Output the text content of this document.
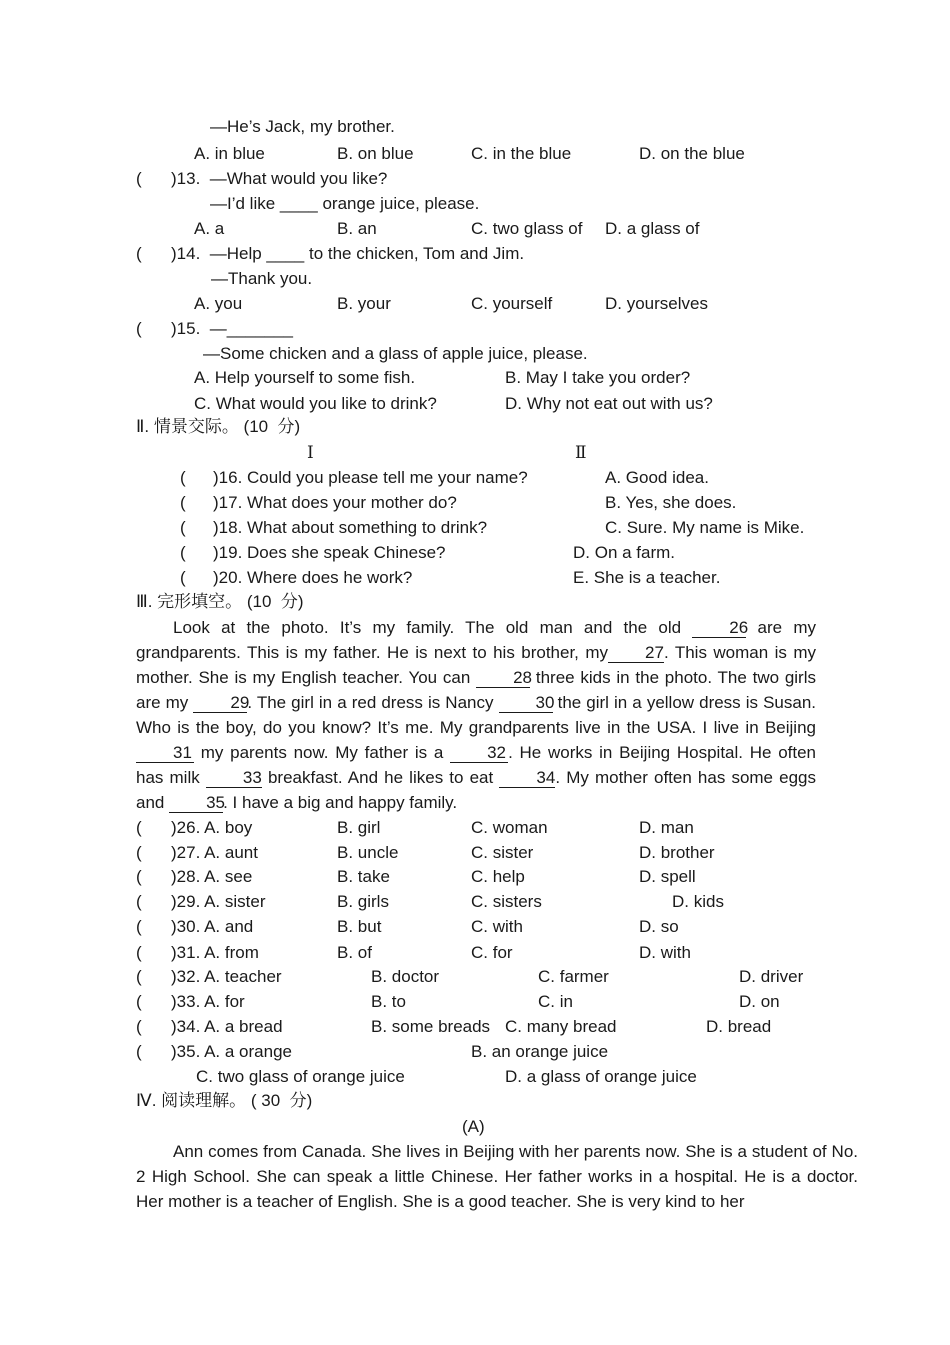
—He’s Jack, my brother.
A. in blue	B. on blue	C. in the blue	D. on the blue
( )13.  —What would you like?
—I’d like ____ orange juice, please.
A. a	B. an	C. two glass of D. a glass of
( )14.  —Help ____ to the chicken, Tom and Jim.
—Thank you.
A. you	B. your	C. yourself	D. yourselves
( )15.  —_______
—Some chicken and a glass of apple juice, please.
A. Help yourself to some fish.	B. May I take you order?
C. What would you like to drink?	D. Why not eat out with us?
Ⅱ. 情景交际。 (10  分)
Ⅰ	Ⅱ
( )16. Could you please tell me your name?	A. Good idea.
( )17. What does your mother do?	B. Yes, she does.
( )18. What about something to drink?	C. Sure. My name is Mike.
( )19. Does she speak Chinese?	D. On a farm.
( )20. Where does he work?	E. She is a teacher.
Ⅲ. 完形填空。 (10  分)
Look at the photo. It’s my family. The old man and the old 26 are my grandparents. This is my father. He is next to his brother, my 27. This woman is my mother. She is my English teacher. You can 28 three kids in the photo. The two girls are my 29. The girl in a red dress is Nancy 30 the girl in a yellow dress is Susan. Who is the boy, do you know? It’s me. My grandparents live in the USA. I live in Beijing 31 my parents now. My father is a 32 . He works in Beijing Hospital. He often has milk 33 breakfast. And he likes to eat 34. My mother often has some eggs and 35. I have a big and happy family.
( )26. A. boy	B. girl	C. woman	D. man
( )27. A. aunt	B. uncle	C. sister	D. brother
( )28. A. see	B. take	C. help	D. spell
( )29. A. sister	B. girls	C. sisters	D. kids
( )30. A. and	B. but	C. with	D. so
( )31. A. from	B. of	C. for	D. with
( )32. A. teacher	B. doctor	C. farmer	D. driver
( )33. A. for	B. to	C. in	D. on
( )34. A. a bread	B. some breads C. many bread	D. bread
( )35. A. a orange	B. an orange juice
C. two glass of orange juice	D. a glass of orange juice
Ⅳ. 阅读理解。 ( 30  分)
(A)
Ann comes from Canada. She lives in Beijing with her parents now. She is a student of No. 2 High School. She can speak a little Chinese. Her father works in a hospital. He is a doctor. Her mother is a teacher of English. She is a good teacher. She is very kind to her
